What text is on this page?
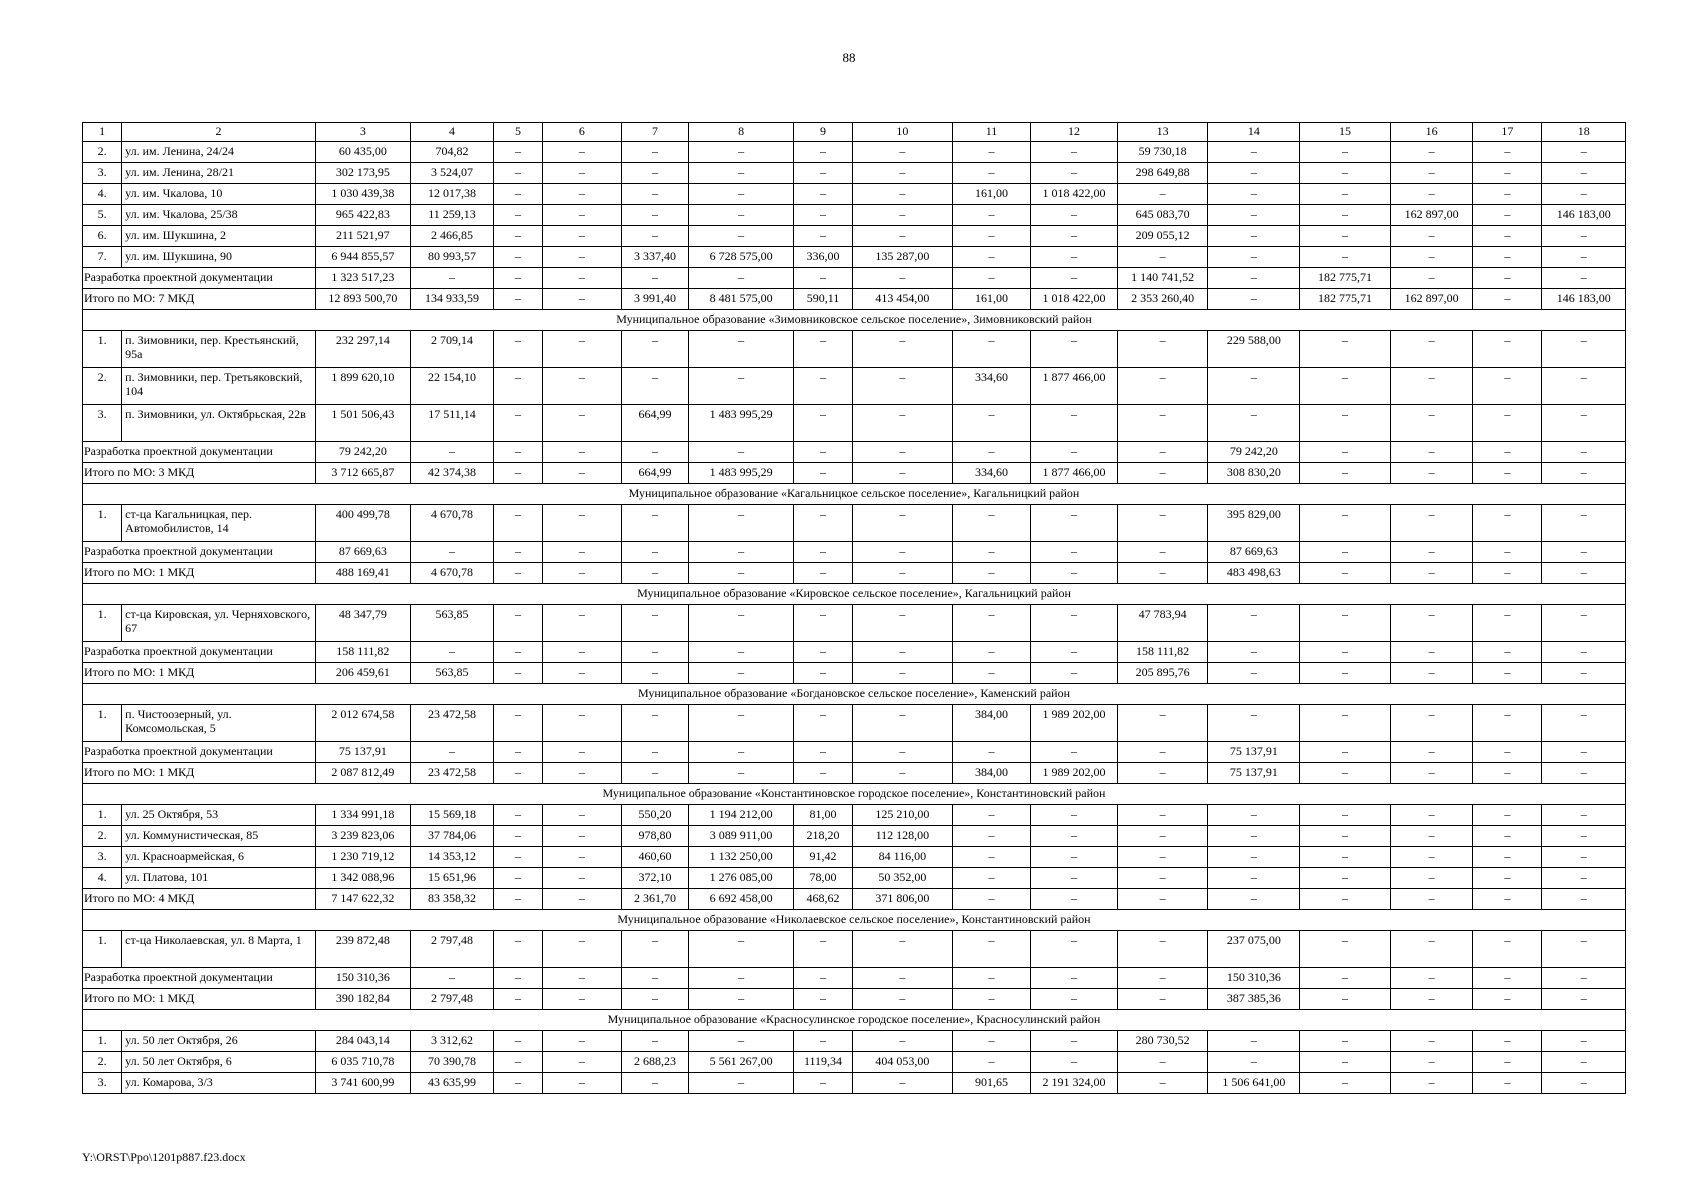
88
1	2	3	4	5	6	7	8	9	10	11	12	13	14	15	16	17	18
2.	ул. им. Ленина, 24/24	60 435,00	704,82	–	–	–	–	–	–	–	–	59 730,18	–	–	–	–	–
3.	ул. им. Ленина, 28/21	302 173,95	3 524,07	–	–	–	–	–	–	–	–	298 649,88	–	–	–	–	–
4.	ул. им. Чкалова, 10	1 030 439,38	12 017,38	–	–	–	–	–	–	161,00	1 018 422,00	–	–	–	–	–	–
5.	ул. им. Чкалова, 25/38	965 422,83	11 259,13	–	–	–	–	–	–	–	–	645 083,70	–	–	162 897,00	–	146 183,00
6.	ул. им. Шукшина, 2	211 521,97	2 466,85	–	–	–	–	–	–	–	–	209 055,12	–	–	–	–	–
7.	ул. им. Шукшина, 90	6 944 855,57	80 993,57	–	–	3 337,40	6 728 575,00	336,00	135 287,00	–	–	–	–	–	–	–	–
Разработка проектной документации		1 323 517,23	–	–	–	–	–	–	–	–	–	1 140 741,52	–	182 775,71	–	–	–
Итого по МО: 7 МКД		12 893 500,70	134 933,59	–	–	3 991,40	8 481 575,00	590,11	413 454,00	161,00	1 018 422,00	2 353 260,40	–	182 775,71	162 897,00	–	146 183,00
Муниципальное образование «Зимовниковское сельское поселение», Зимовниковский район																	
1.	п. Зимовники, пер. Крестьянский, 95а	232 297,14	2 709,14	–	–	–	–	–	–	–	–	–	229 588,00	–	–	–	–
2.	п. Зимовники, пер. Третьяковский, 104	1 899 620,10	22 154,10	–	–	–	–	–	–	334,60	1 877 466,00	–	–	–	–	–	–
3.	п. Зимовники, ул. Октябрьская, 22в	1 501 506,43	17 511,14	–	–	664,99	1 483 995,29	–	–	–	–	–	–	–	–	–	–
Разработка проектной документации		79 242,20	–	–	–	–	–	–	–	–	–	–	79 242,20	–	–	–	–
Итого по МО: 3 МКД		3 712 665,87	42 374,38	–	–	664,99	1 483 995,29	–	–	334,60	1 877 466,00	–	308 830,20	–	–	–	–
Муниципальное образование «Кагальницкое сельское поселение», Кагальницкий район																	
1.	ст-ца Кагальницкая, пер. Автомобилистов, 14	400 499,78	4 670,78	–	–	–	–	–	–	–	–	–	395 829,00	–	–	–	–
Разработка проектной документации		87 669,63	–	–	–	–	–	–	–	–	–	–	87 669,63	–	–	–	–
Итого по МО: 1 МКД		488 169,41	4 670,78	–	–	–	–	–	–	–	–	–	483 498,63	–	–	–	–
Муниципальное образование «Кировское сельское поселение», Кагальницкий район																	
1.	ст-ца Кировская, ул. Черняховского, 67	48 347,79	563,85	–	–	–	–	–	–	–	–	47 783,94	–	–	–	–	–
Разработка проектной документации		158 111,82	–	–	–	–	–	–	–	–	–	158 111,82	–	–	–	–	–
Итого по МО: 1 МКД		206 459,61	563,85	–	–	–	–	–	–	–	–	205 895,76	–	–	–	–	–
Муниципальное образование «Богдановское сельское поселение», Каменский район																	
1.	п. Чистоозерный, ул. Комсомольская, 5	2 012 674,58	23 472,58	–	–	–	–	–	–	384,00	1 989 202,00	–	–	–	–	–	–
Разработка проектной документации		75 137,91	–	–	–	–	–	–	–	–	–	–	75 137,91	–	–	–	–
Итого по МО: 1 МКД		2 087 812,49	23 472,58	–	–	–	–	–	–	384,00	1 989 202,00	–	75 137,91	–	–	–	–
Муниципальное образование «Константиновское городское поселение», Константиновский район																	
1.	ул. 25 Октября, 53	1 334 991,18	15 569,18	–	–	550,20	1 194 212,00	81,00	125 210,00	–	–	–	–	–	–	–	–
2.	ул. Коммунистическая, 85	3 239 823,06	37 784,06	–	–	978,80	3 089 911,00	218,20	112 128,00	–	–	–	–	–	–	–	–
3.	ул. Красноармейская, 6	1 230 719,12	14 353,12	–	–	460,60	1 132 250,00	91,42	84 116,00	–	–	–	–	–	–	–	–
4.	ул. Платова, 101	1 342 088,96	15 651,96	–	–	372,10	1 276 085,00	78,00	50 352,00	–	–	–	–	–	–	–	–
Итого по МО: 4 МКД		7 147 622,32	83 358,32	–	–	2 361,70	6 692 458,00	468,62	371 806,00	–	–	–	–	–	–	–	–
Муниципальное образование «Николаевское сельское поселение», Константиновский район																	
1.	ст-ца Николаевская, ул. 8 Марта, 1	239 872,48	2 797,48	–	–	–	–	–	–	–	–	–	237 075,00	–	–	–	–
Разработка проектной документации		150 310,36	–	–	–	–	–	–	–	–	–	–	150 310,36	–	–	–	–
Итого по МО: 1 МКД		390 182,84	2 797,48	–	–	–	–	–	–	–	–	–	387 385,36	–	–	–	–
Муниципальное образование «Красносулинское городское поселение», Красносулинский район																	
1.	ул. 50 лет Октября, 26	284 043,14	3 312,62	–	–	–	–	–	–	–	–	280 730,52	–	–	–	–	–
2.	ул. 50 лет Октября, 6	6 035 710,78	70 390,78	–	–	2 688,23	5 561 267,00	1119,34	404 053,00	–	–	–	–	–	–	–	–
3.	ул. Комарова, 3/3	3 741 600,99	43 635,99	–	–	–	–	–	–	901,65	2 191 324,00	–	1 506 641,00	–	–	–	–
Y:\ORST\Ppo\1201p887.f23.docx
